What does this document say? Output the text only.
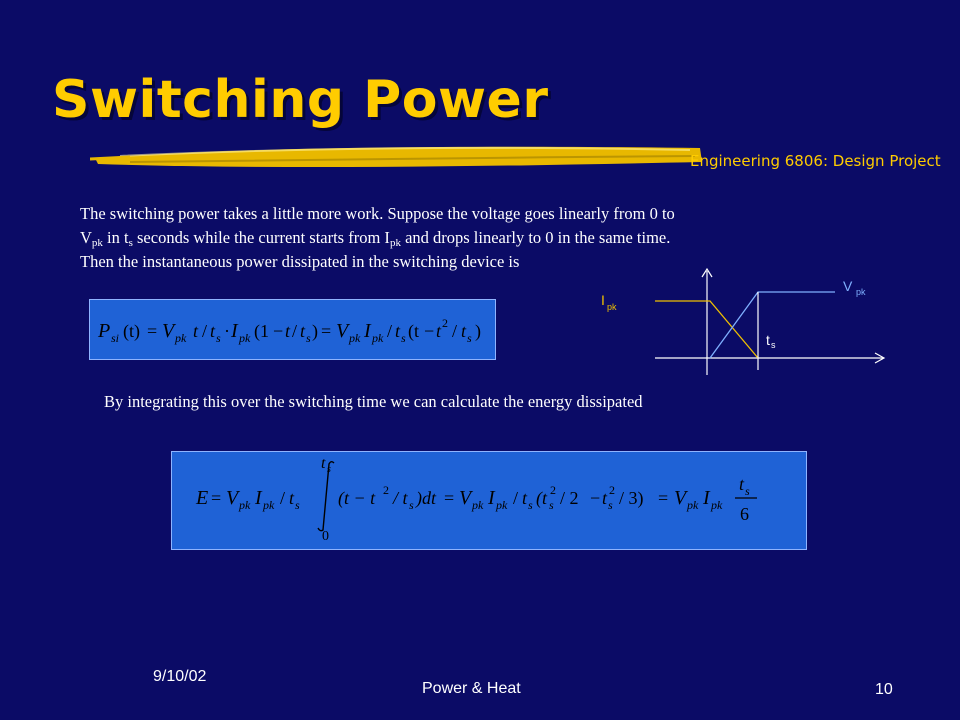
Switching Power
Engineering 6806: Design Project
The switching power takes a little more work. Suppose the voltage goes linearly from 0 to
$V_{pk}$ in $t_s$ seconds while the current starts from $I_{pk}$ and drops linearly to 0 in the same time.
Then the instantaneous power dissipated in the switching device is
P si (t) = V pk t / t s · I pk (1 − t / t s ) = V pk I pk / t s (t − t 2 / t s )
By integrating this over the switching time we can calculate the energy dissipated
I pk
V pk
t s
E = V pk I pk / t s
t s
0
(t − t 2 / t s )dt = V pk I pk / t s (t s
2 / 2 − t s
2 / 3) = V pk I pk
t s
6
9/10/02
Power & Heat	10
